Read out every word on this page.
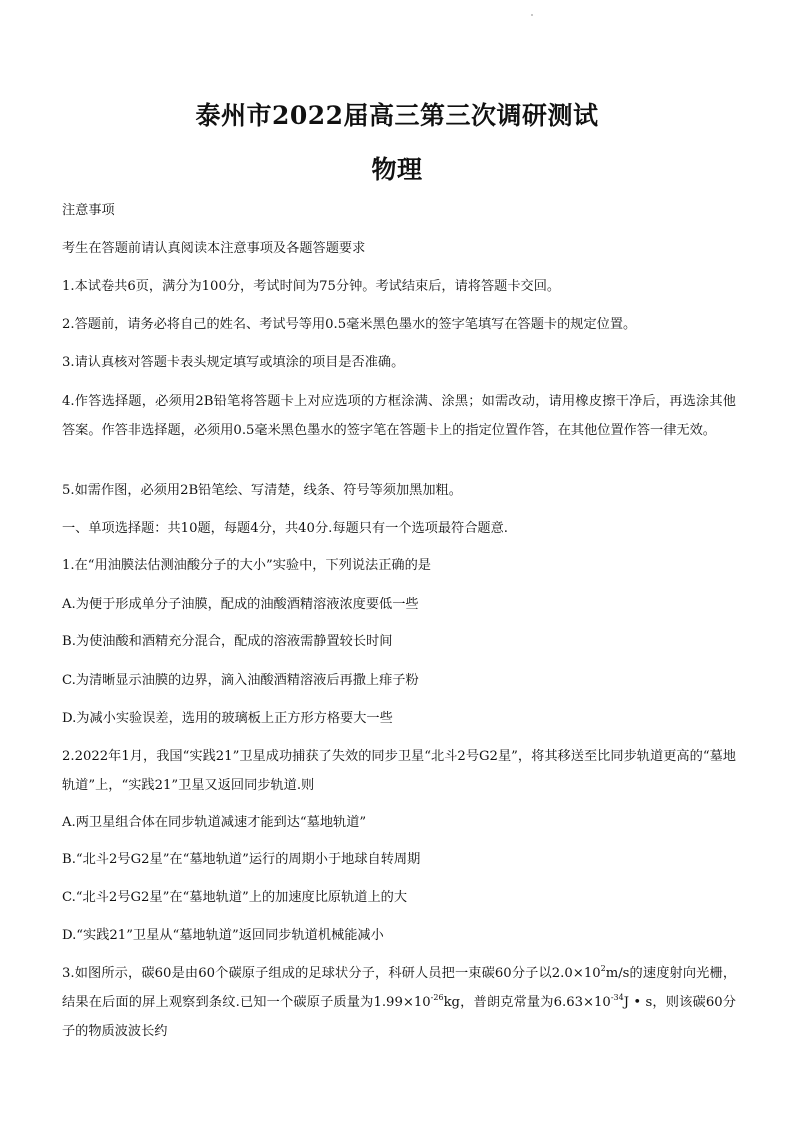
泰州市2022届高三第三次调研测试
物理
注意事项
考生在答题前请认真阅读本注意事项及各题答题要求
1.本试卷共6页，满分为100分，考试时间为75分钟。考试结束后，请将答题卡交回。
2.答题前，请务必将自己的姓名、考试号等用0.5毫米黑色墨水的签字笔填写在答题卡的规定位置。
3.请认真核对答题卡表头规定填写或填涂的项目是否准确。
4.作答选择题，必须用2B铅笔将答题卡上对应选项的方框涂满、涂黑；如需改动，请用橡皮擦干净后，再选涂其他答案。作答非选择题，必须用0.5毫米黑色墨水的签字笔在答题卡上的指定位置作答，在其他位置作答一律无效。
5.如需作图，必须用2B铅笔绘、写清楚，线条、符号等须加黑加粗。
一、单项选择题：共10题，每题4分，共40分.每题只有一个选项最符合题意.
1.在“用油膜法估测油酸分子的大小”实验中，下列说法正确的是
A.为便于形成单分子油膜，配成的油酸酒精溶液浓度要低一些
B.为使油酸和酒精充分混合，配成的溶液需静置较长时间
C.为清晰显示油膜的边界，滴入油酸酒精溶液后再撒上痱子粉
D.为减小实验误差，选用的玻璃板上正方形方格要大一些
2.2022年1月，我国“实践21”卫星成功捕获了失效的同步卫星“北斗2号G2星”，将其移送至比同步轨道更高的“墓地轨道”上，“实践21”卫星又返回同步轨道.则
A.两卫星组合体在同步轨道减速才能到达“墓地轨道”
B.“北斗2号G2星”在“墓地轨道”运行的周期小于地球自转周期
C.“北斗2号G2星”在“墓地轨道”上的加速度比原轨道上的大
D.“实践21”卫星从“墓地轨道”返回同步轨道机械能减小
3.如图所示，碳60是由60个碳原子组成的足球状分子，科研人员把一束碳60分子以$2.0\times 10^2m/s$的速度射向光栅，结果在后面的屏上观察到条纹.已知一个碳原子质量为$1.99\times 10^{-26}kg$，普朗克常量为$6.63\times 10^{-34}J$ • s，则该碳60分子的物质波波长约
